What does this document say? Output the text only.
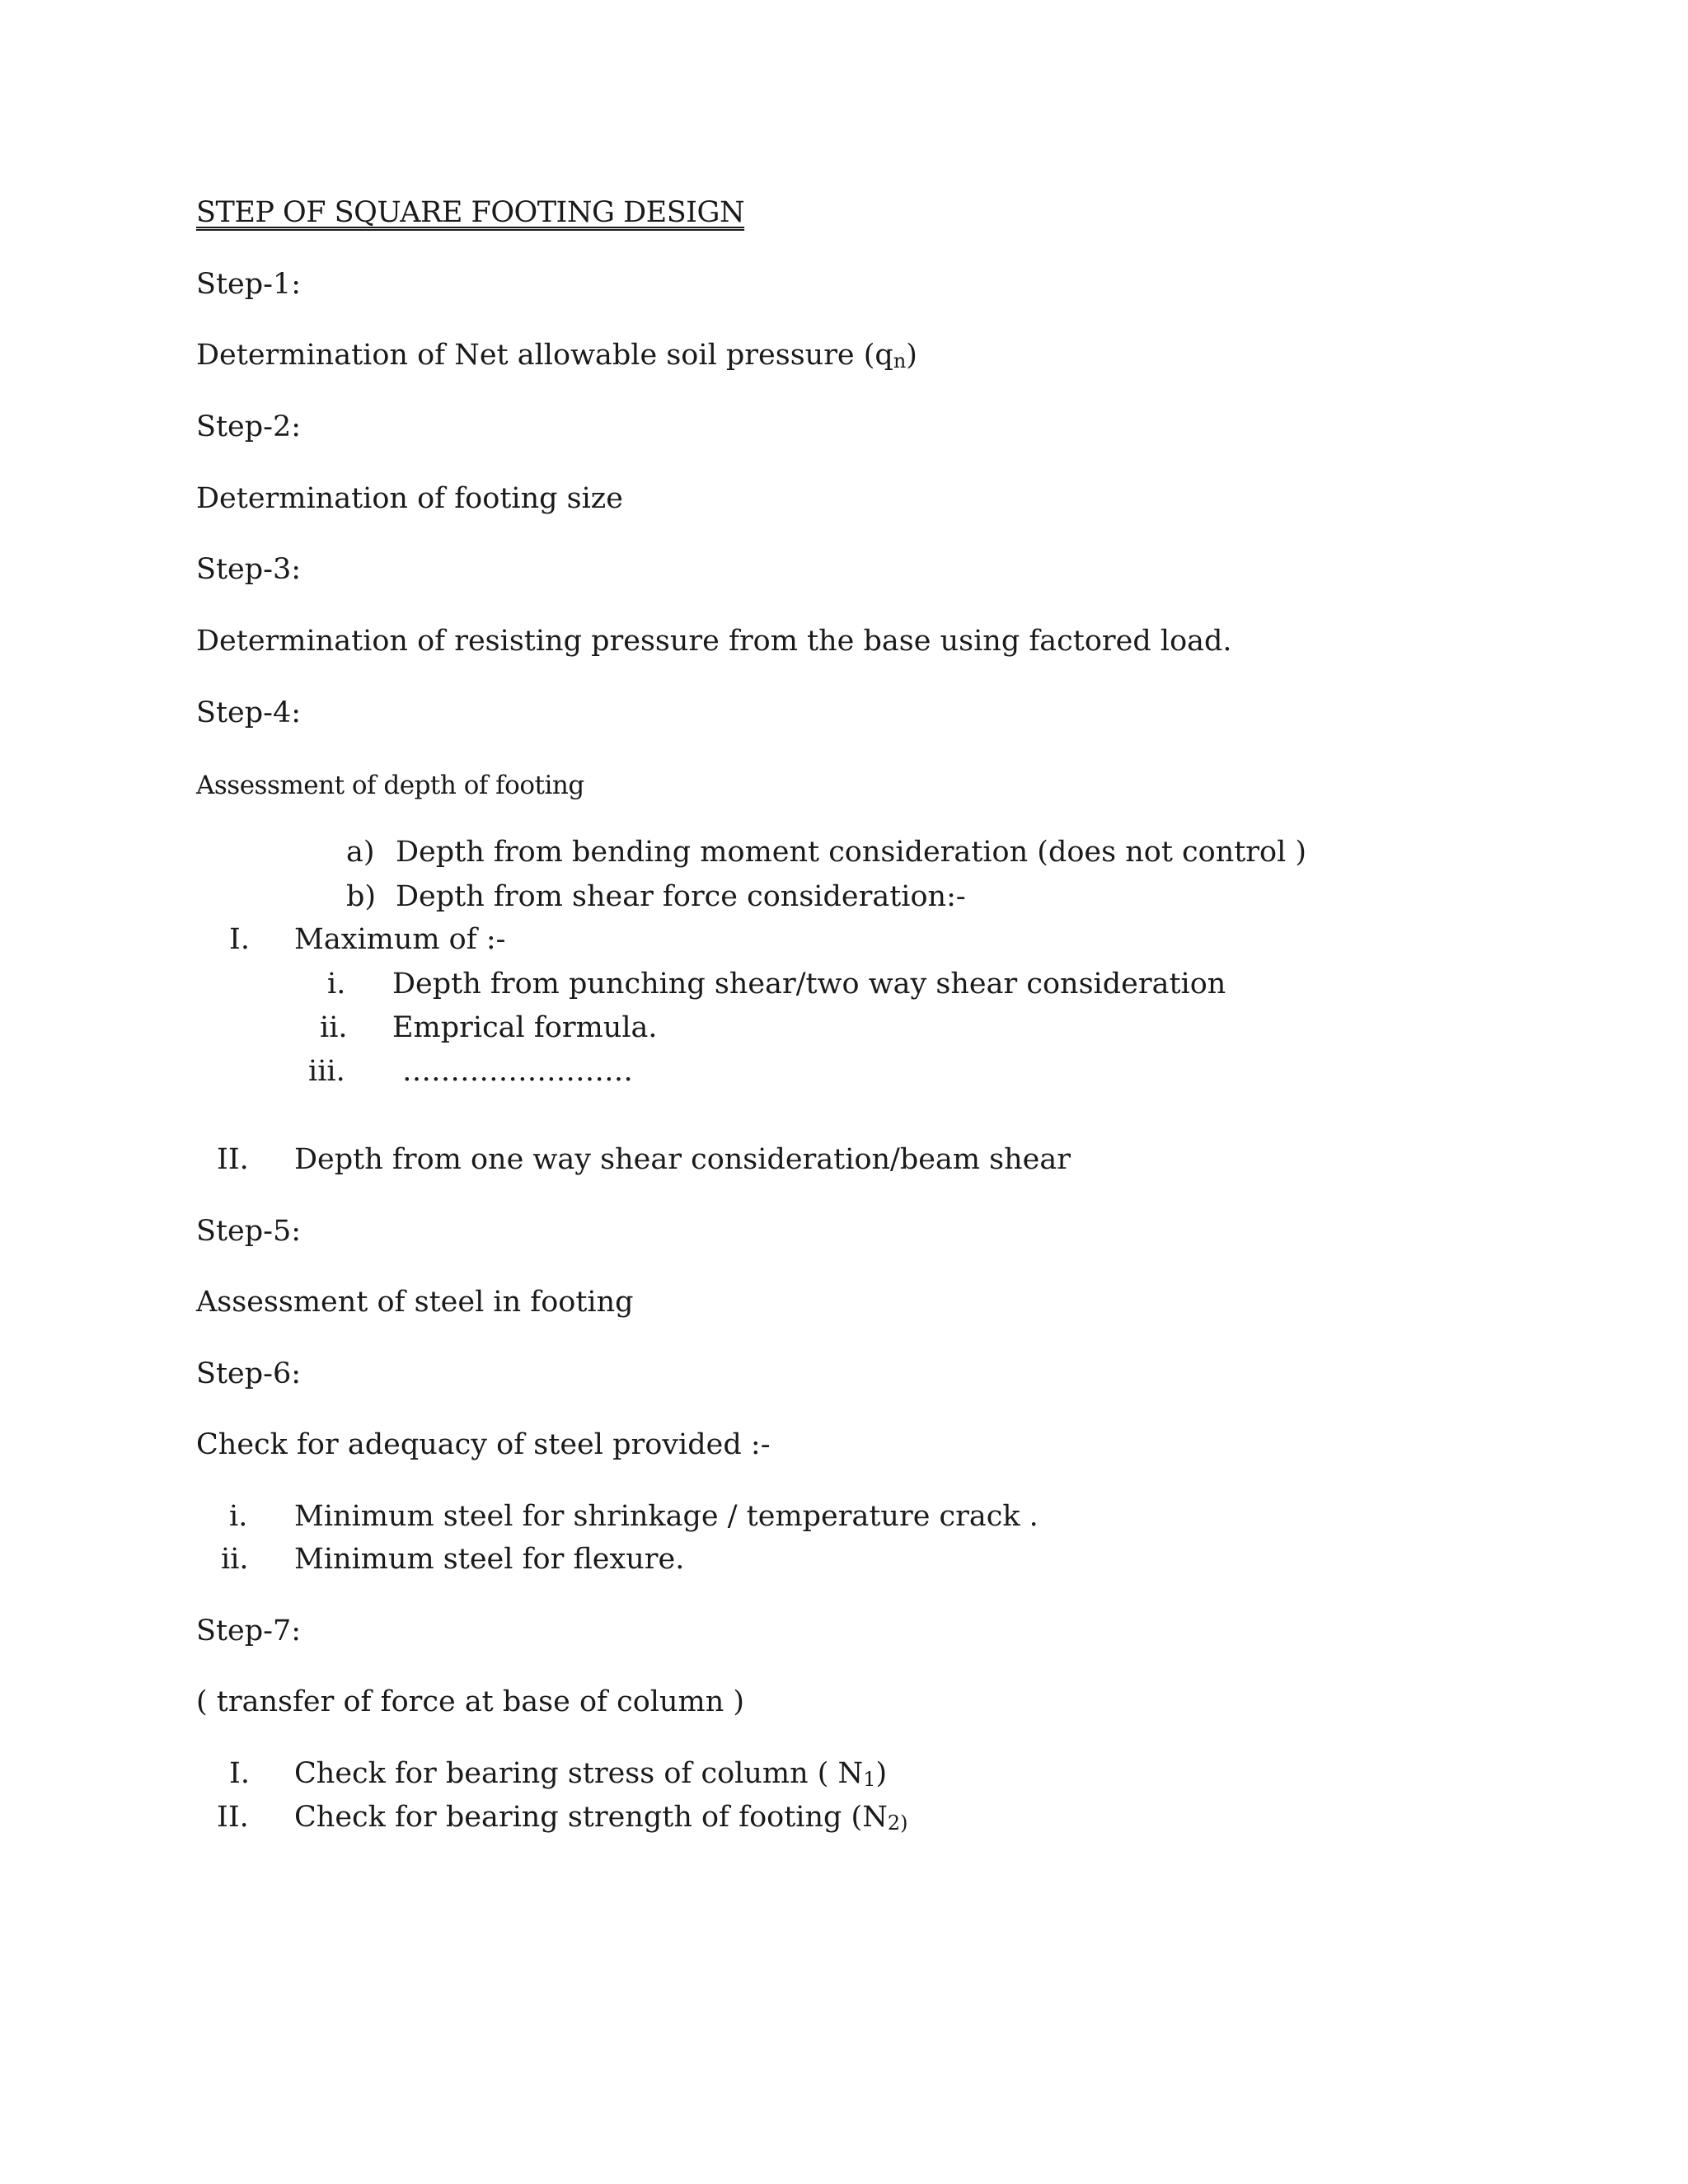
STEP OF SQUARE FOOTING DESIGN
Step-1:
Determination of Net allowable soil pressure $(q_n)$
Step-2:
Determination of footing size
Step-3:
Determination of resisting pressure from the base using factored load.
Step-4:
Assessment of depth of footing
a) Depth from bending moment consideration (does not control )
b) Depth from shear force consideration:-
I. Maximum of :-
i. Depth from punching shear/two way shear consideration
ii. Emprical formula.
iii. ……………………
II. Depth from one way shear consideration/beam shear
Step-5:
Assessment of steel in footing
Step-6:
Check for adequacy of steel provided :-
i. Minimum steel for shrinkage / temperature crack .
ii. Minimum steel for flexure.
Step-7:
( transfer of force at base of column )
I. Check for bearing stress of column ( $N_1$)
II. Check for bearing strength of footing ($N_{2)}$
